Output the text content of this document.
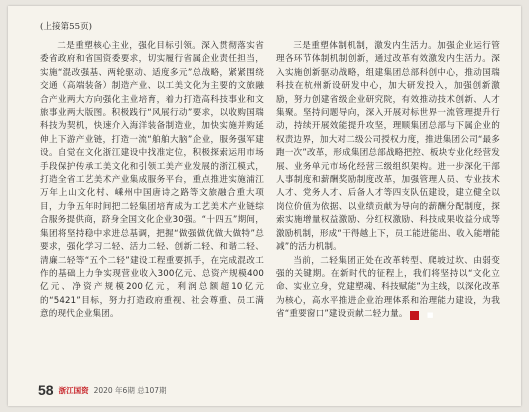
(上接第55页)

二是重塑核心主业，强化目标引领。深入贯彻落实省委省政府和省国资委要求，切实履行省属企业责任担当，实施“混改强基、两轮驱动、适度多元”总战略，紧紧围绕交通（高端装备）制造产业、以工美文化为主要的文旅融合产业两大方向强化主业培育，着力打造高科技事业和文旅事业两大版图。积极践行“风展行动”要求，以收购国瑞科技为契机，快速介入海洋装备制造业，加快实施并购延伸上下游产业链，打造一流“舶舶大脑”企业，服务强军建设。自觉在文化浙江建设中找准定位，积极探索运用市场手段保护传承工美文化和引领工美产业发展的浙江模式，打造全省工艺美术产业集成服务平台，重点推进实施浦江万年上山文化村、嵊州中国唐诗之路等文旅融合重大项目，力争五年时间把二轻集团培育成为工艺美术产业链综合服务提供商，跻身全国文化企业30强。“十四五”期间，集团将坚持稳中求进总基调，把握“做强做优做大做特”总要求，强化学习二轻、活力二轻、创新二轻、和谐二轻、清廉二轻等“五个二轻”建设工程重要抓手，在完成混改工作的基础上力争实现营业收入300亿元、总资产规模400亿元、净资产规模200亿元，利润总额超10亿元的“5421”目标，努力打造政府重视、社会尊重、员工满意的现代企业集团。

三是重塑体制机制，激发内生活力。加强企业运行管理各环节体制机制创新，通过改革有效激发内生活力。深入实施创新驱动战略，组建集团总部科创中心，推动国瑞科技在杭州新设研发中心，加大研发投入，加强创新激励，努力创建省级企业研究院，有效推动技术创新、人才集聚。坚持问题导向，深入开展对标世界一流管理提升行动，持续开展效能提升攻坚，理顺集团总部与下属企业的权责边界，加大对二级公司授权力度，推进集团公司“最多跑一次”改革，形成集团总部战略把控、板块专业化经营发展、业务单元市场化经营三级组织架构。进一步深化干部人事制度和薪酬奖励制度改革，加强管理人员、专业技术人才、党务人才、后备人才等四支队伍建设，建立健全以岗位价值为依据、以业绩贡献为导向的薪酬分配制度，探索实施增量权益激励、分红权激励、科技成果收益分成等激励机制，形成“干得越上下，员工能进能出、收入能增能减”的活力机制。

当前，二轻集团正处在改革转型、爬坡过坎、由弱变强的关键期。在新时代的征程上，我们将坚持以“文化立命、实业立身，党建塑魂、科技赋能”为主线，以深化改革为核心，高水平推进企业治理体系和治理能力建设，为我省“重要窗口”建设贡献二轻力量。	■

58 浙江国资 2020 年6期 总107期
